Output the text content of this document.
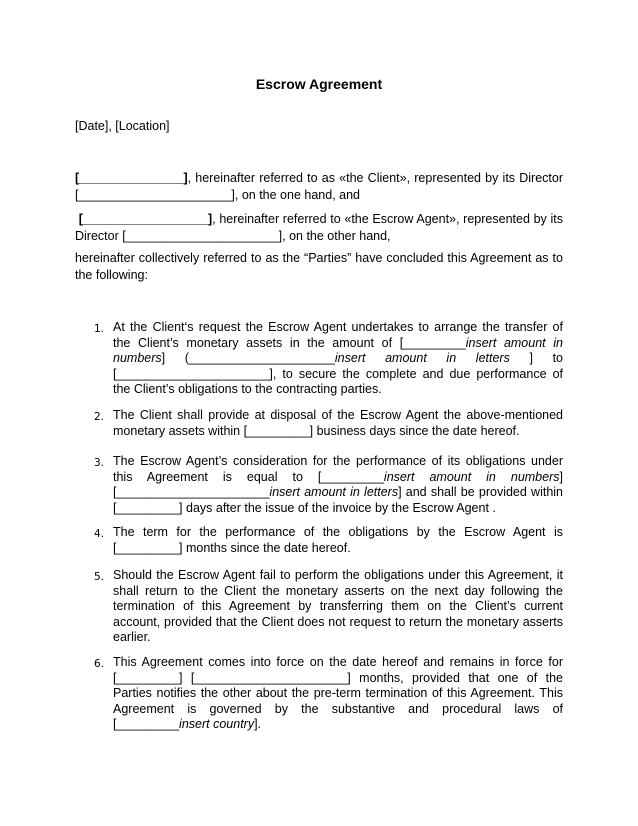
Escrow Agreement
[Date], [Location]
[_______________], hereinafter referred to as «the Client», represented by its Director [______________________], on the one hand, and
[__________________], hereinafter referred to «the Escrow Agent», represented by its Director [______________________], on the other hand,
hereinafter collectively referred to as the “Parties” have concluded this Agreement as to the following:
1. At the Client‘s request the Escrow Agent undertakes to arrange the transfer of the Client’s monetary assets in the amount of [_________insert amount in numbers] (_____________________insert amount in letters ] to [______________________], to secure the complete and due performance of the Client’s obligations to the contracting parties.
2. The Client shall provide at disposal of the Escrow Agent the above-mentioned monetary assets within [_________] business days since the date hereof.
3. The Escrow Agent’s consideration for the performance of its obligations under this Agreement is equal to [_________insert amount in numbers] [______________________insert amount in letters] and shall be provided within [_________] days after the issue of the invoice by the Escrow Agent .
4. The term for the performance of the obligations by the Escrow Agent is [_________] months since the date hereof.
5. Should the Escrow Agent fail to perform the obligations under this Agreement, it shall return to the Client the monetary asserts on the next day following the termination of this Agreement by transferring them on the Client’s current account, provided that the Client does not request to return the monetary asserts earlier.
6. This Agreement comes into force on the date hereof and remains in force for [_________] [______________________] months, provided that one of the Parties notifies the other about the pre-term termination of this Agreement. This Agreement is governed by the substantive and procedural laws of [_________insert country].
